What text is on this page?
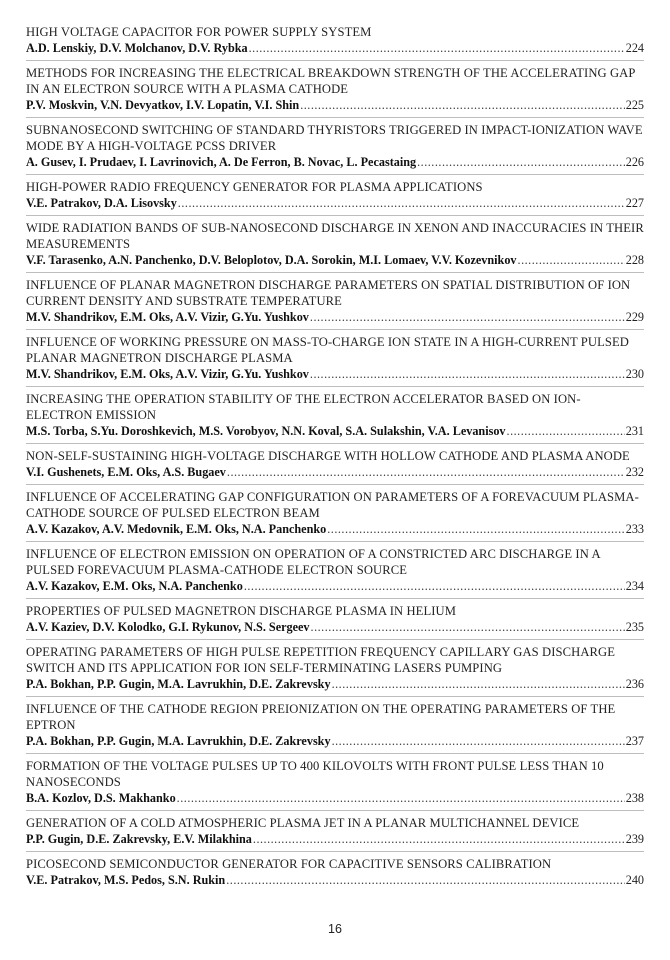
HIGH VOLTAGE CAPACITOR FOR POWER SUPPLY SYSTEM
A.D. Lenskiy, D.V. Molchanov, D.V. Rybka .....	224
METHODS FOR INCREASING THE ELECTRICAL BREAKDOWN STRENGTH OF THE ACCELERATING GAP IN AN ELECTRON SOURCE WITH A PLASMA CATHODE
P.V. Moskvin, V.N. Devyatkov, I.V. Lopatin, V.I. Shin .....	225
SUBNANOSECOND SWITCHING OF STANDARD THYRISTORS TRIGGERED IN IMPACT-IONIZATION WAVE MODE BY A HIGH-VOLTAGE PCSS DRIVER
A. Gusev, I. Prudaev, I. Lavrinovich, A. De Ferron, B. Novac, L. Pecastaing .....	226
HIGH-POWER RADIO FREQUENCY GENERATOR FOR PLASMA APPLICATIONS
V.E. Patrakov, D.A. Lisovsky .....	227
WIDE RADIATION BANDS OF SUB-NANOSECOND DISCHARGE IN XENON AND INACCURACIES IN THEIR MEASUREMENTS
V.F. Tarasenko, A.N. Panchenko, D.V. Beloplotov, D.A. Sorokin, M.I. Lomaev, V.V. Kozevnikov .....	228
INFLUENCE OF PLANAR MAGNETRON DISCHARGE PARAMETERS ON SPATIAL DISTRIBUTION OF ION CURRENT DENSITY AND SUBSTRATE TEMPERATURE
M.V. Shandrikov, E.M. Oks, A.V. Vizir, G.Yu. Yushkov .....	229
INFLUENCE OF WORKING PRESSURE ON MASS-TO-CHARGE ION STATE IN A HIGH-CURRENT PULSED PLANAR MAGNETRON DISCHARGE PLASMA
M.V. Shandrikov, E.M. Oks, A.V. Vizir, G.Yu. Yushkov .....	230
INCREASING THE OPERATION STABILITY OF THE ELECTRON ACCELERATOR BASED ON ION-ELECTRON EMISSION
M.S. Torba, S.Yu. Doroshkevich, M.S. Vorobyov, N.N. Koval, S.A. Sulakshin, V.A. Levanisov .....	231
NON-SELF-SUSTAINING HIGH-VOLTAGE DISCHARGE WITH HOLLOW CATHODE AND PLASMA ANODE
V.I. Gushenets, E.M. Oks, A.S. Bugaev .....	232
INFLUENCE OF ACCELERATING GAP CONFIGURATION ON PARAMETERS OF A FOREVACUUM PLASMA-CATHODE SOURCE OF PULSED ELECTRON BEAM
A.V. Kazakov, A.V. Medovnik, E.M. Oks, N.A. Panchenko .....	233
INFLUENCE OF ELECTRON EMISSION ON OPERATION OF A CONSTRICTED ARC DISCHARGE IN A PULSED FOREVACUUM PLASMA-CATHODE ELECTRON SOURCE
A.V. Kazakov, E.M. Oks, N.A. Panchenko .....	234
PROPERTIES OF PULSED MAGNETRON DISCHARGE PLASMA IN HELIUM
A.V. Kaziev, D.V. Kolodko, G.I. Rykunov, N.S. Sergeev .....	235
OPERATING PARAMETERS OF HIGH PULSE REPETITION FREQUENCY CAPILLARY GAS DISCHARGE SWITCH AND ITS APPLICATION FOR ION SELF-TERMINATING LASERS PUMPING
P.A. Bokhan, P.P. Gugin, M.A. Lavrukhin, D.E. Zakrevsky .....	236
INFLUENCE OF THE CATHODE REGION PREIONIZATION ON THE OPERATING PARAMETERS OF THE EPTRON
P.A. Bokhan, P.P. Gugin, M.A. Lavrukhin, D.E. Zakrevsky .....	237
FORMATION OF THE VOLTAGE PULSES UP TO 400 KILOVOLTS WITH FRONT PULSE LESS THAN 10 NANOSECONDS
B.A. Kozlov, D.S. Makhanko .....	238
GENERATION OF A COLD ATMOSPHERIC PLASMA JET IN A PLANAR MULTICHANNEL DEVICE
P.P. Gugin, D.E. Zakrevsky, E.V. Milakhina .....	239
PICOSECOND SEMICONDUCTOR GENERATOR FOR CAPACITIVE SENSORS CALIBRATION
V.E. Patrakov, M.S. Pedos, S.N. Rukin .....	240
16
